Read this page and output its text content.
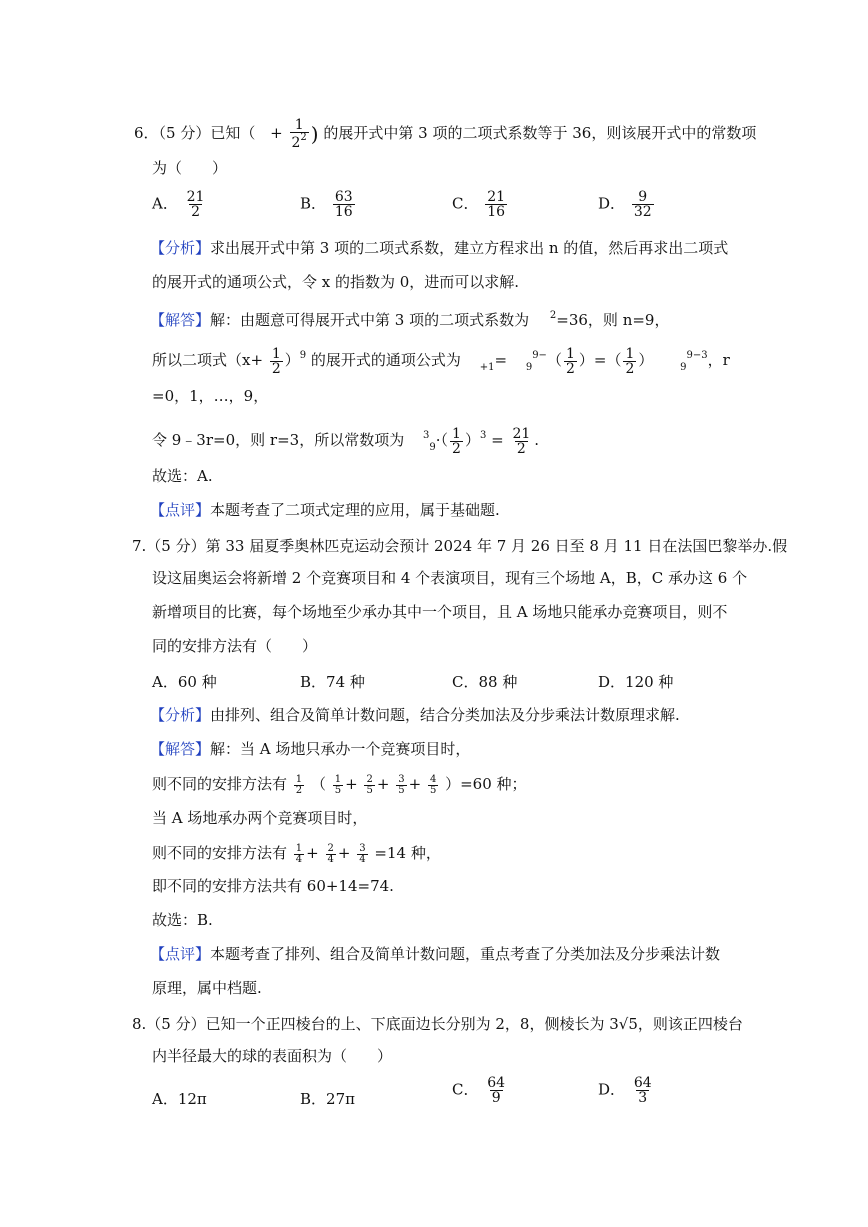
6．（5 分）已知（ + $\frac{1}{2^2}$ ) 的展开式中第 3 项的二项式系数等于 36，则该展开式中的常数项
为（　　）
A． $\frac{21}{2}$	B． $\frac{63}{16}$	C． $\frac{21}{16}$	D． $\frac{9}{32}$
【分析】求出展开式中第 3 项的二项式系数，建立方程求出 n 的值，然后再求出二项式
的展开式的通项公式，令 x 的指数为 0，进而可以求解.
【解答】解：由题意可得展开式中第 3 项的二项式系数为 $^2$=36，则 n=9，
所以二项式$(x+ \frac{1}{2} )^9$ 的展开式的通项公式为 $_{+1}= _9^{9-}( \frac{1}{2}$ ）=（ $\frac{1}{2}$ ） $_9^{9-3}$，r
=0，1，…，9，
令 9﹣3r=0，则 r=3，所以常数项为 $^3_9\cdot( \frac{1}{2} )^3 = \frac{21}{2}$ .
故选：A.
【点评】本题考查了二项式定理的应用，属于基础题.
7.（5 分）第 33 届夏季奥林匹克运动会预计 2024 年 7 月 26 日至 8 月 11 日在法国巴黎举办.假
设这届奥运会将新增 2 个竞赛项目和 4 个表演项目，现有三个场地 A，B，C 承办这 6 个
新增项目的比赛，每个场地至少承办其中一个项目，且 A 场地只能承办竞赛项目，则不
同的安排方法有（　　）
A．60 种	B．74 种	C．88 种	D．120 种
【分析】由排列、组合及简单计数问题，结合分类加法及分步乘法计数原理求解.
【解答】解：当 A 场地只承办一个竞赛项目时，
则不同的安排方法有 $\frac{1}{2}$ （ $\frac{1}{5} + \frac{2}{5} + \frac{3}{5} + \frac{4}{5} )=60$ 种；
当 A 场地承办两个竞赛项目时，
则不同的安排方法有 $\frac{1}{4} + \frac{2}{4} + \frac{3}{4} =14$ 种，
即不同的安排方法共有 60+14=74.
故选：B.
【点评】本题考查了排列、组合及简单计数问题，重点考查了分类加法及分步乘法计数
原理，属中档题.
8.（5 分）已知一个正四棱台的上、下底面边长分别为 2，8，侧棱长为 3√5，则该正四棱台
内半径最大的球的表面积为（　　）
A．12π	B．27π
C． $\frac{64}{9}$	D． $\frac{64}{3}$
